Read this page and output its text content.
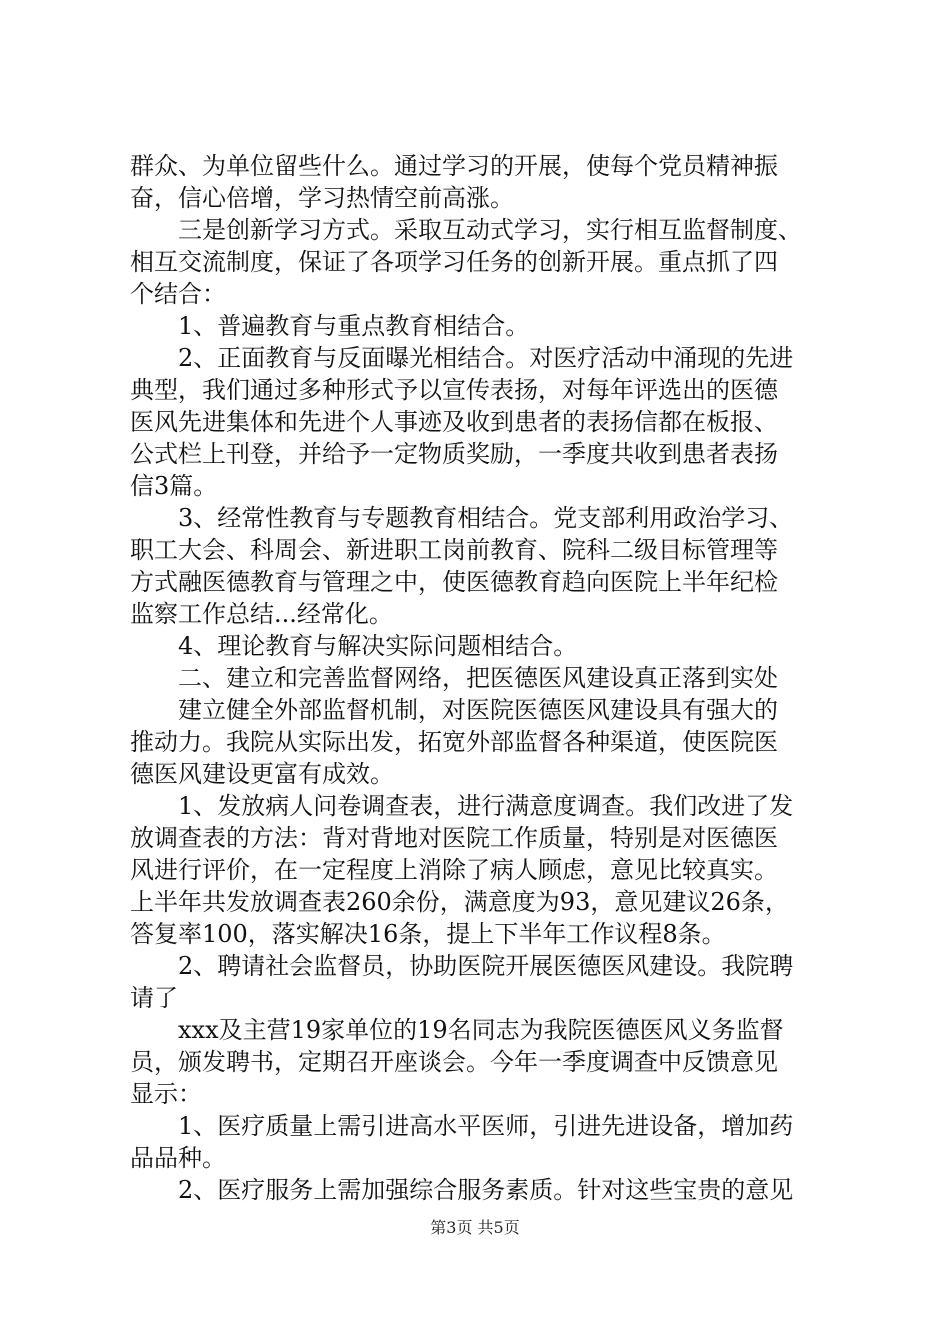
群众、为单位留些什么。通过学习的开展，使每个党员精神振
奋，信心倍增，学习热情空前高涨。
三是创新学习方式。采取互动式学习，实行相互监督制度、
相互交流制度，保证了各项学习任务的创新开展。重点抓了四
个结合：
1、普遍教育与重点教育相结合。
2、正面教育与反面曝光相结合。对医疗活动中涌现的先进
典型，我们通过多种形式予以宣传表扬，对每年评选出的医德
医风先进集体和先进个人事迹及收到患者的表扬信都在板报、
公式栏上刊登，并给予一定物质奖励，一季度共收到患者表扬
信3篇。
3、经常性教育与专题教育相结合。党支部利用政治学习、
职工大会、科周会、新进职工岗前教育、院科二级目标管理等
方式融医德教育与管理之中，使医德教育趋向医院上半年纪检
监察工作总结...经常化。
4、理论教育与解决实际问题相结合。
二、建立和完善监督网络，把医德医风建设真正落到实处
建立健全外部监督机制，对医院医德医风建设具有强大的
推动力。我院从实际出发，拓宽外部监督各种渠道，使医院医
德医风建设更富有成效。
1、发放病人问卷调查表，进行满意度调查。我们改进了发
放调查表的方法：背对背地对医院工作质量，特别是对医德医
风进行评价，在一定程度上消除了病人顾虑，意见比较真实。
上半年共发放调查表260余份，满意度为93，意见建议26条，
答复率100，落实解决16条，提上下半年工作议程8条。
2、聘请社会监督员，协助医院开展医德医风建设。我院聘
请了
xxx及主营19家单位的19名同志为我院医德医风义务监督
员，颁发聘书，定期召开座谈会。今年一季度调查中反馈意见
显示：
1、医疗质量上需引进高水平医师，引进先进设备，增加药
品品种。
2、医疗服务上需加强综合服务素质。针对这些宝贵的意见
第3页 共5页
